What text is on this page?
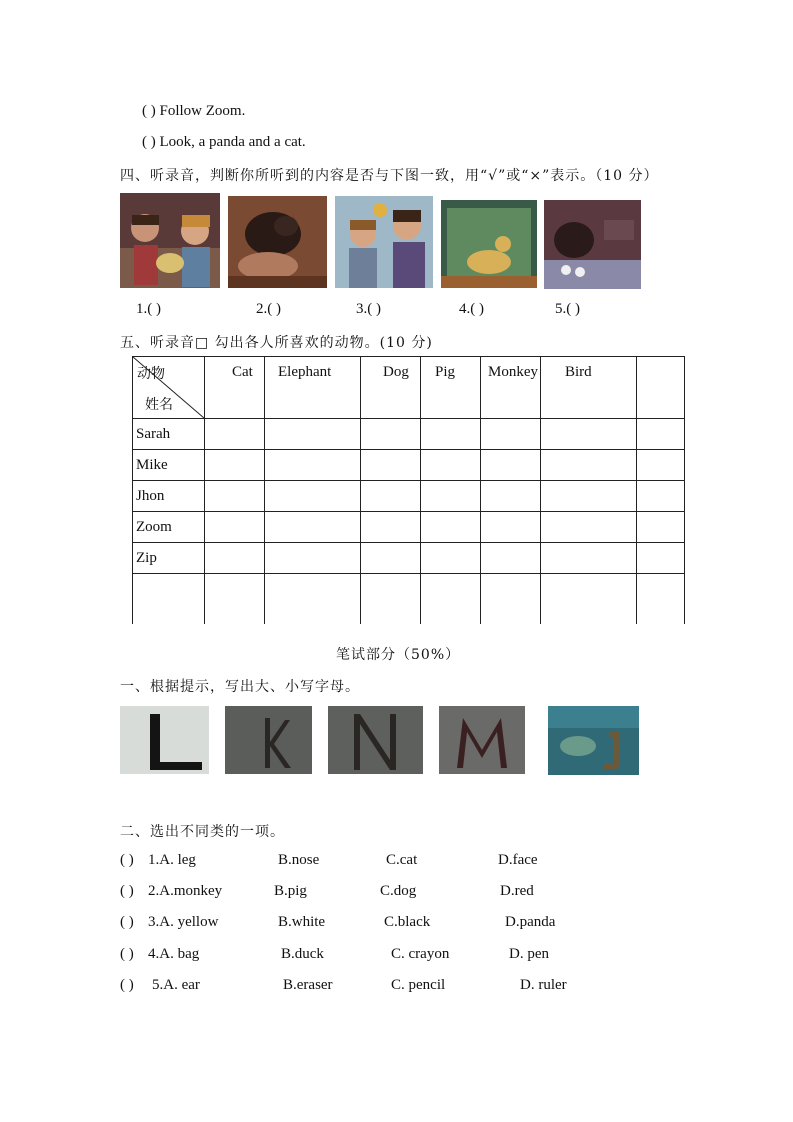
( ) Follow Zoom.
( ) Look, a panda and a cat.
四、听录音，判断你所听到的内容是否与下图一致，用“√”或“×”表示。（10 分）
1.( )	2.( )	3.( )	4.( )	5.( )
五、听录音□ 勾出各人所喜欢的动物。(10 分)
动物
姓名	Cat	Elephant	Dog	Pig	Monkey	Bird	

Sarah							
Mike							
Jhon							
Zoom							
Zip							

笔试部分（50%）
一、根据提示，写出大、小写字母。
二、选出不同类的一项。
( ) 1.A. leg	B.nose	C.cat	D.face
( ) 2.A.monkey	B.pig	C.dog	D.red
( ) 3.A. yellow	B.white	C.black	D.panda
( ) 4.A. bag	B.duck	C. crayon	D. pen
( ) 5.A. ear	B.eraser	C. pencil	D. ruler
